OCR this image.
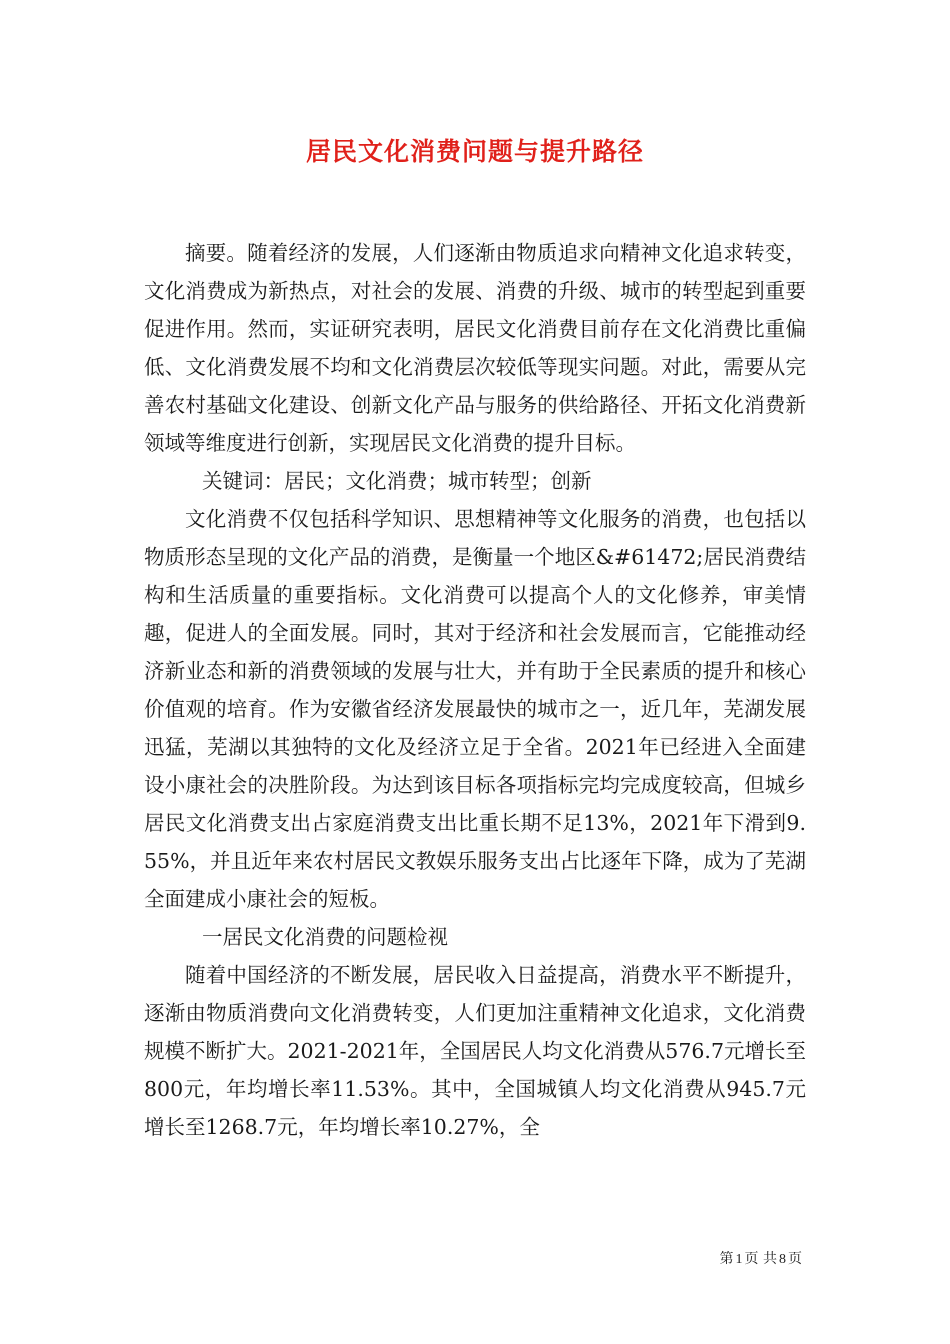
居民文化消费问题与提升路径

摘要。随着经济的发展，人们逐渐由物质追求向精神文化追求转变，文化消费成为新热点，对社会的发展、消费的升级、城市的转型起到重要促进作用。然而，实证研究表明，居民文化消费目前存在文化消费比重偏低、文化消费发展不均和文化消费层次较低等现实问题。对此，需要从完善农村基础文化建设、创新文化产品与服务的供给路径、开拓文化消费新领域等维度进行创新，实现居民文化消费的提升目标。

关键词：居民；文化消费；城市转型；创新

文化消费不仅包括科学知识、思想精神等文化服务的消费，也包括以物质形态呈现的文化产品的消费，是衡量一个地区&#61472;居民消费结构和生活质量的重要指标。文化消费可以提高个人的文化修养，审美情趣，促进人的全面发展。同时，其对于经济和社会发展而言，它能推动经济新业态和新的消费领域的发展与壮大，并有助于全民素质的提升和核心价值观的培育。作为安徽省经济发展最快的城市之一，近几年，芜湖发展迅猛，芜湖以其独特的文化及经济立足于全省。2021年已经进入全面建设小康社会的决胜阶段。为达到该目标各项指标完均完成度较高，但城乡居民文化消费支出占家庭消费支出比重长期不足13%，2021年下滑到9.55%，并且近年来农村居民文教娱乐服务支出占比逐年下降，成为了芜湖全面建成小康社会的短板。

一居民文化消费的问题检视

随着中国经济的不断发展，居民收入日益提高，消费水平不断提升，逐渐由物质消费向文化消费转变，人们更加注重精神文化追求，文化消费规模不断扩大。2021-2021年，全国居民人均文化消费从576.7元增长至800元，年均增长率11.53%。其中，全国城镇人均文化消费从945.7元增长至1268.7元，年均增长率10.27%，全

第 1 页 共 8 页
